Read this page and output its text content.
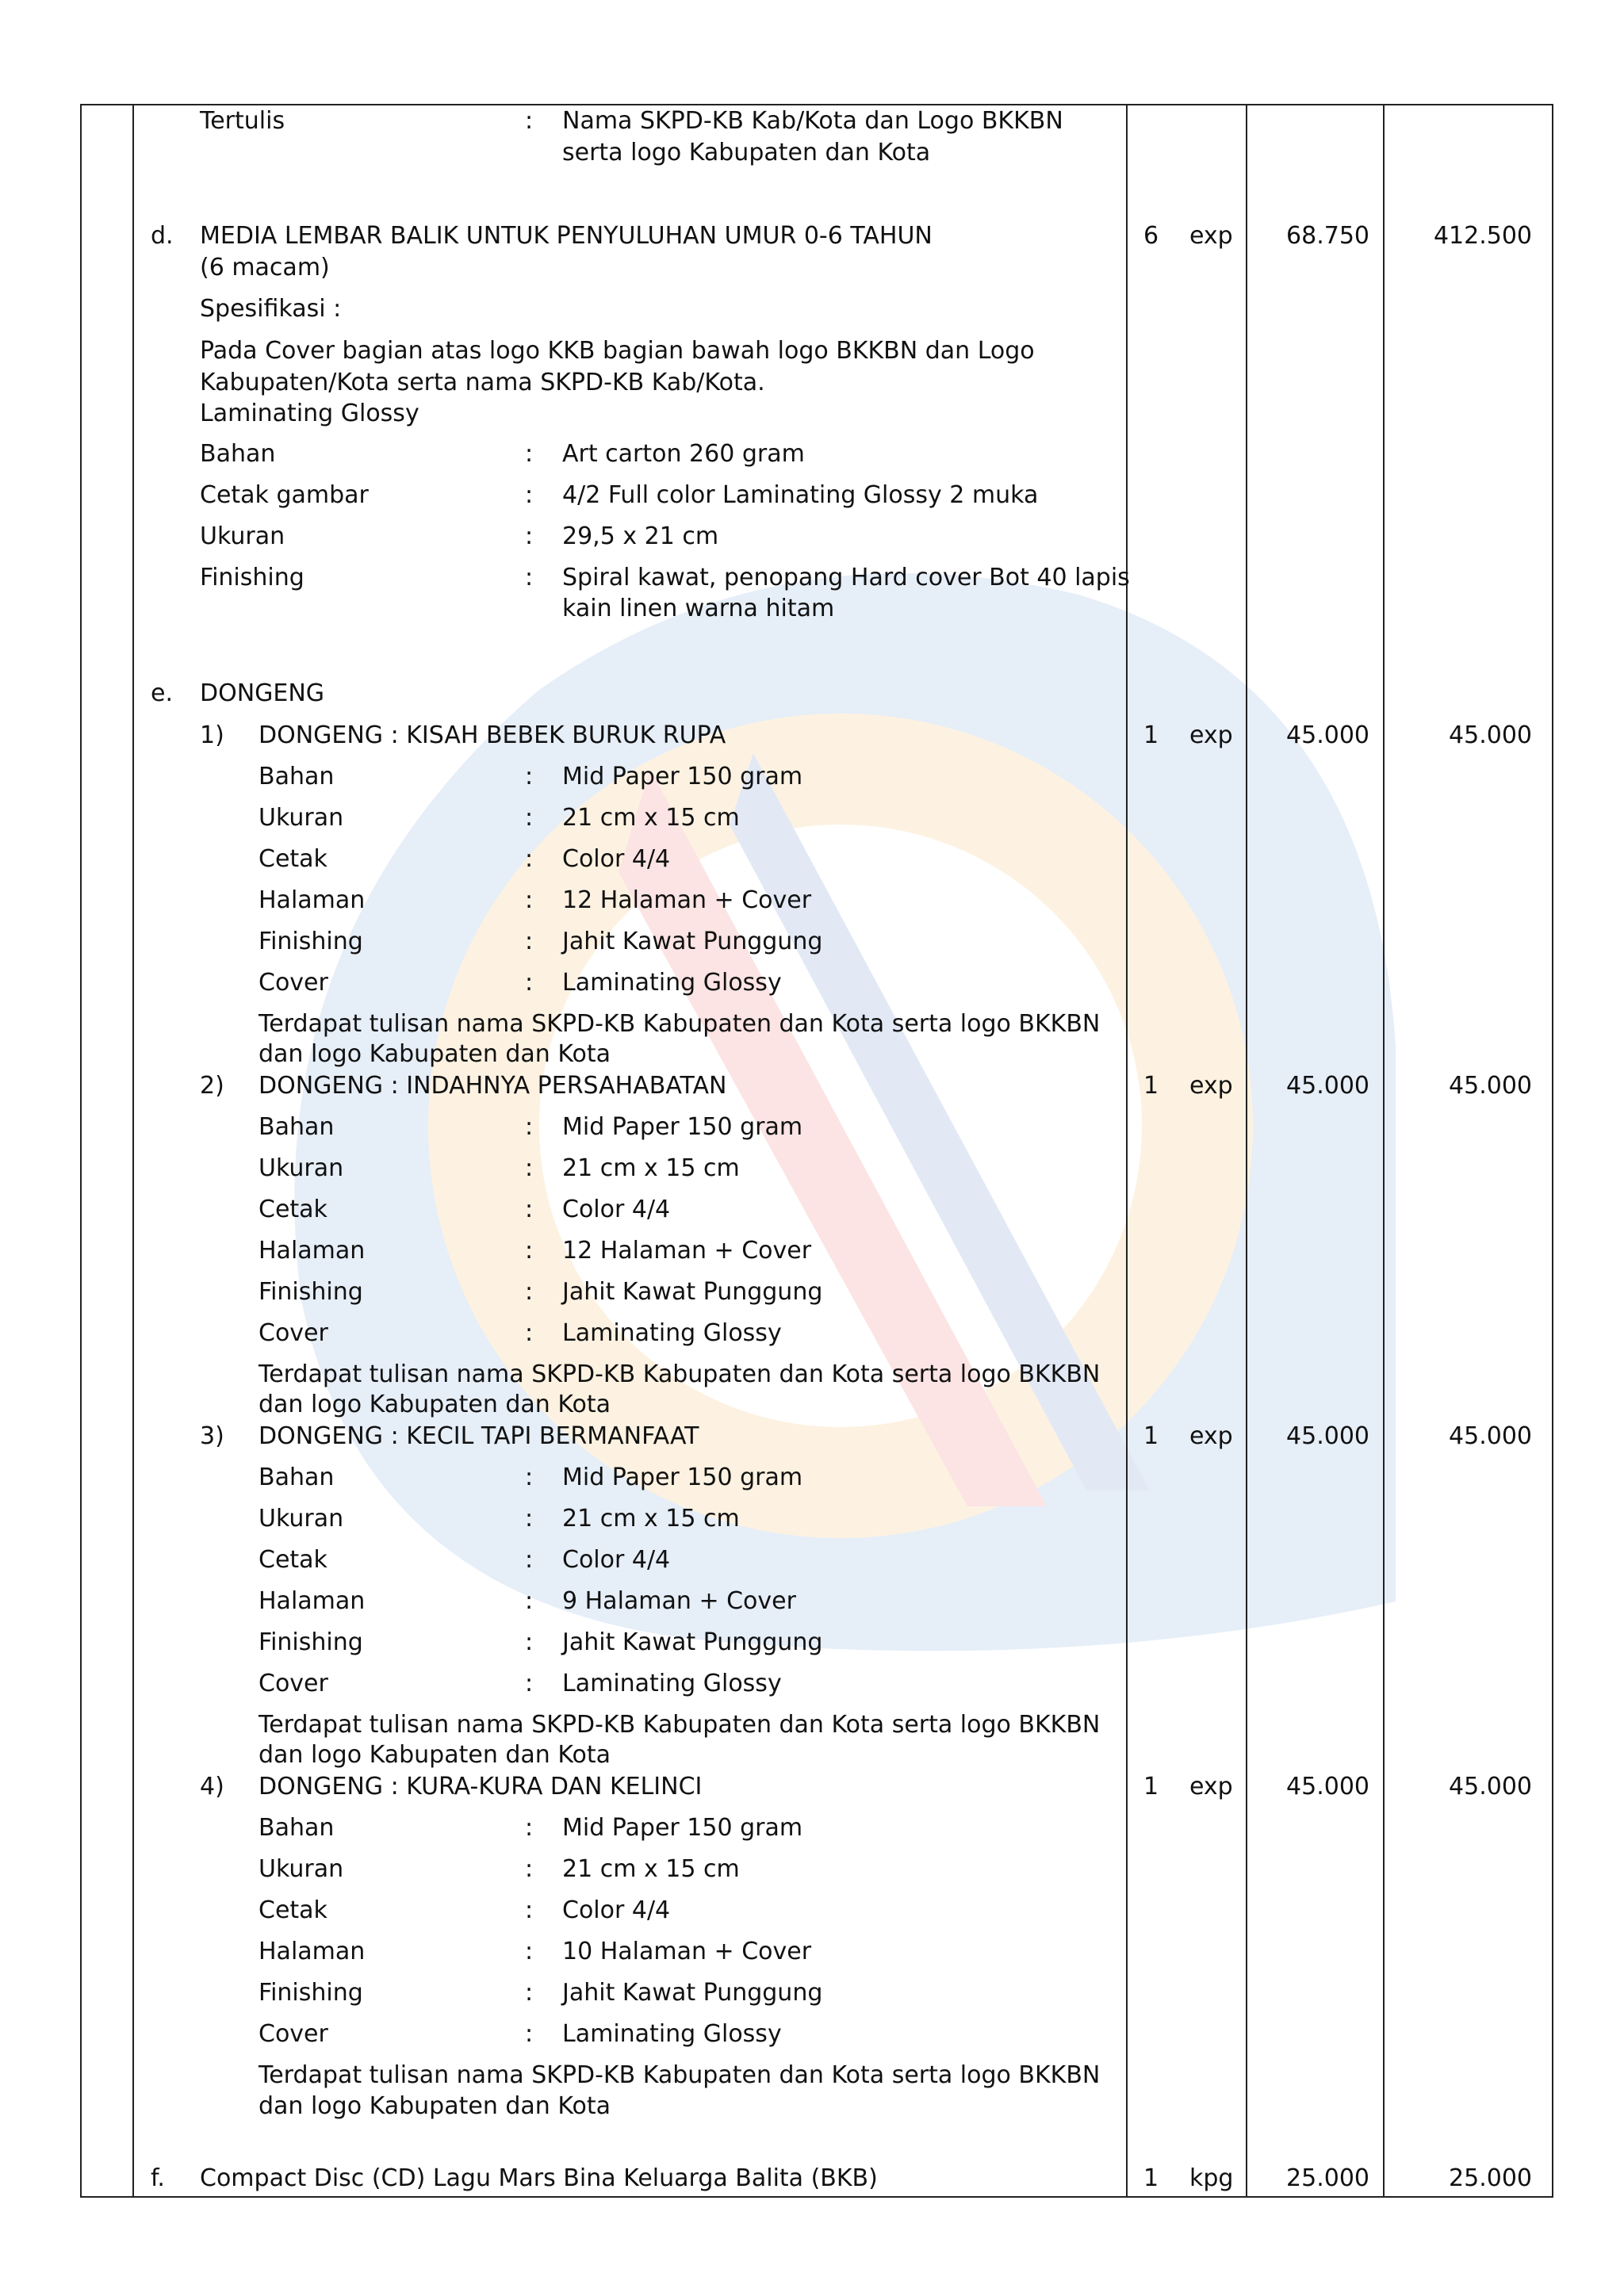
Tertulis	: Nama SKPD-KB Kab/Kota dan Logo BKKBN
serta logo Kabupaten dan Kota
d. MEDIA LEMBAR BALIK UNTUK PENYULUHAN UMUR 0-6 TAHUN
(6 macam)
6 exp	68.750	412.500
Spesifikasi :
Pada Cover bagian atas logo KKB bagian bawah logo BKKBN dan Logo
Kabupaten/Kota serta nama SKPD-KB Kab/Kota.
Laminating Glossy
Bahan	: Art carton 260 gram
Cetak gambar	: 4/2 Full color Laminating Glossy 2 muka
Ukuran	: 29,5 x 21 cm
Finishing	: Spiral kawat, penopang Hard cover Bot 40 lapis
kain linen warna hitam
e. DONGENG
1) DONGENG : KISAH BEBEK BURUK RUPA	1 exp	45.000	45.000
Bahan	: Mid Paper 150 gram
Ukuran	: 21 cm x 15 cm
Cetak	: Color 4/4
Halaman	: 12 Halaman + Cover
Finishing	: Jahit Kawat Punggung
Cover	: Laminating Glossy
Terdapat tulisan nama SKPD-KB Kabupaten dan Kota serta logo BKKBN
dan logo Kabupaten dan Kota
2) DONGENG : INDAHNYA PERSAHABATAN	1 exp	45.000	45.000
Bahan	: Mid Paper 150 gram
Ukuran	: 21 cm x 15 cm
Cetak	: Color 4/4
Halaman	: 12 Halaman + Cover
Finishing	: Jahit Kawat Punggung
Cover	: Laminating Glossy
Terdapat tulisan nama SKPD-KB Kabupaten dan Kota serta logo BKKBN
dan logo Kabupaten dan Kota
3) DONGENG : KECIL TAPI BERMANFAAT	1 exp	45.000	45.000
Bahan	: Mid Paper 150 gram
Ukuran	: 21 cm x 15 cm
Cetak	: Color 4/4
Halaman	: 9 Halaman + Cover
Finishing	: Jahit Kawat Punggung
Cover	: Laminating Glossy
Terdapat tulisan nama SKPD-KB Kabupaten dan Kota serta logo BKKBN
dan logo Kabupaten dan Kota
4) DONGENG : KURA-KURA DAN KELINCI	1 exp	45.000	45.000
Bahan	: Mid Paper 150 gram
Ukuran	: 21 cm x 15 cm
Cetak	: Color 4/4
Halaman	: 10 Halaman + Cover
Finishing	: Jahit Kawat Punggung
Cover	: Laminating Glossy
Terdapat tulisan nama SKPD-KB Kabupaten dan Kota serta logo BKKBN
dan logo Kabupaten dan Kota
f. Compact Disc (CD) Lagu Mars Bina Keluarga Balita (BKB)	1 kpg	25.000	25.000
